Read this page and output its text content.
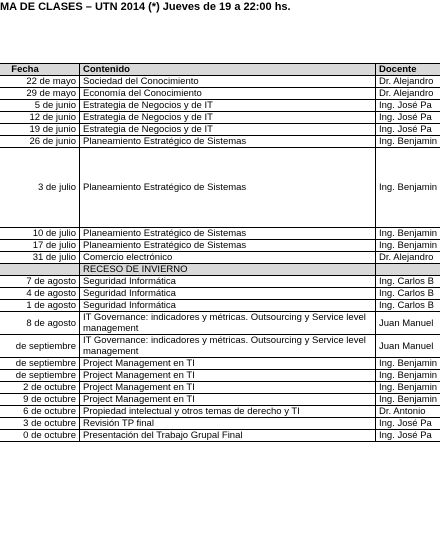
MA DE CLASES – UTN 2014 (*) Jueves de 19 a 22:00 hs.
Fecha	Contenido	Docente
22 de mayo	Sociedad del Conocimiento	Dr. Alejandro
29 de mayo	Economía del Conocimiento	Dr. Alejandro
5 de junio	Estrategia de Negocios y de IT	Ing. José Pa
12 de junio	Estrategia de Negocios y de IT	Ing. José Pa
19 de junio	Estrategia de Negocios y de IT	Ing. José Pa
26 de junio	Planeamiento Estratégico de Sistemas	Ing. Benjamin
3 de julio	Planeamiento Estratégico de Sistemas	Ing. Benjamin
10 de julio	Planeamiento Estratégico de Sistemas	Ing. Benjamin
17 de julio	Planeamiento Estratégico de Sistemas	Ing. Benjamin
31 de julio	Comercio electrónico	Dr. Alejandro
	RECESO DE INVIERNO	
7 de agosto	Seguridad Informática	Ing. Carlos B
4 de agosto	Seguridad Informática	Ing. Carlos B
1 de agosto	Seguridad Informática	Ing. Carlos B
8 de agosto	IT Governance: indicadores y métricas. Outsourcing y Service level management	Juan Manuel
de septiembre	IT Governance: indicadores y métricas. Outsourcing y Service level management	Juan Manuel
de septiembre	Project Management en TI	Ing. Benjamin
de septiembre	Project Management en TI	Ing. Benjamin
2 de octubre	Project Management en TI	Ing. Benjamin
9 de octubre	Project Management en TI	Ing. Benjamin
6 de octubre	Propiedad intelectual y otros temas de derecho y TI	Dr. Antonio
3 de octubre	Revisión TP final	Ing. José Pa
0 de octubre	Presentación del Trabajo Grupal Final	Ing. José Pa
